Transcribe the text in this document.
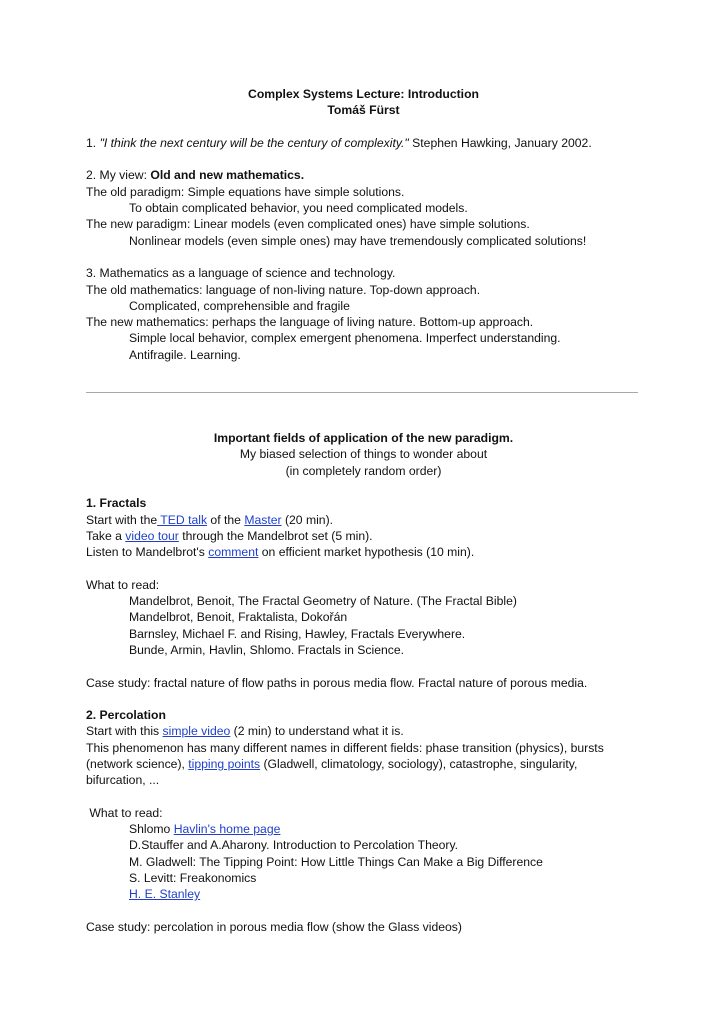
Complex Systems Lecture: Introduction

Tomáš Fürst

1. "I think the next century will be the century of complexity." Stephen Hawking, January 2002.

2. My view: Old and new mathematics.

The old paradigm: Simple equations have simple solutions.

To obtain complicated behavior, you need complicated models.

The new paradigm: Linear models (even complicated ones) have simple solutions.

Nonlinear models (even simple ones) may have tremendously complicated solutions!

3. Mathematics as a language of science and technology.

The old mathematics: language of non-living nature. Top-down approach.

Complicated, comprehensible and fragile

The new mathematics: perhaps the language of living nature. Bottom-up approach.

Simple local behavior, complex emergent phenomena. Imperfect understanding.

Antifragile. Learning.

Important fields of application of the new paradigm.

My biased selection of things to wonder about

(in completely random order)

1. Fractals

Start with the TED talk of the Master (20 min).

Take a video tour through the Mandelbrot set (5 min).

Listen to Mandelbrot's comment on efficient market hypothesis (10 min).

What to read:

Mandelbrot, Benoit, The Fractal Geometry of Nature. (The Fractal Bible)

Mandelbrot, Benoit, Fraktalista, Dokořán

Barnsley, Michael F. and Rising, Hawley, Fractals Everywhere.

Bunde, Armin, Havlin, Shlomo. Fractals in Science.

Case study: fractal nature of flow paths in porous media flow. Fractal nature of porous media.

2. Percolation

Start with this simple video (2 min) to understand what it is.

This phenomenon has many different names in different fields: phase transition (physics), bursts

(network science), tipping points (Gladwell, climatology, sociology), catastrophe, singularity,

bifurcation, ...

What to read:

Shlomo Havlin's home page

D.Stauffer and A.Aharony. Introduction to Percolation Theory.

M. Gladwell: The Tipping Point: How Little Things Can Make a Big Difference

S. Levitt: Freakonomics

H. E. Stanley

Case study: percolation in porous media flow (show the Glass videos)
